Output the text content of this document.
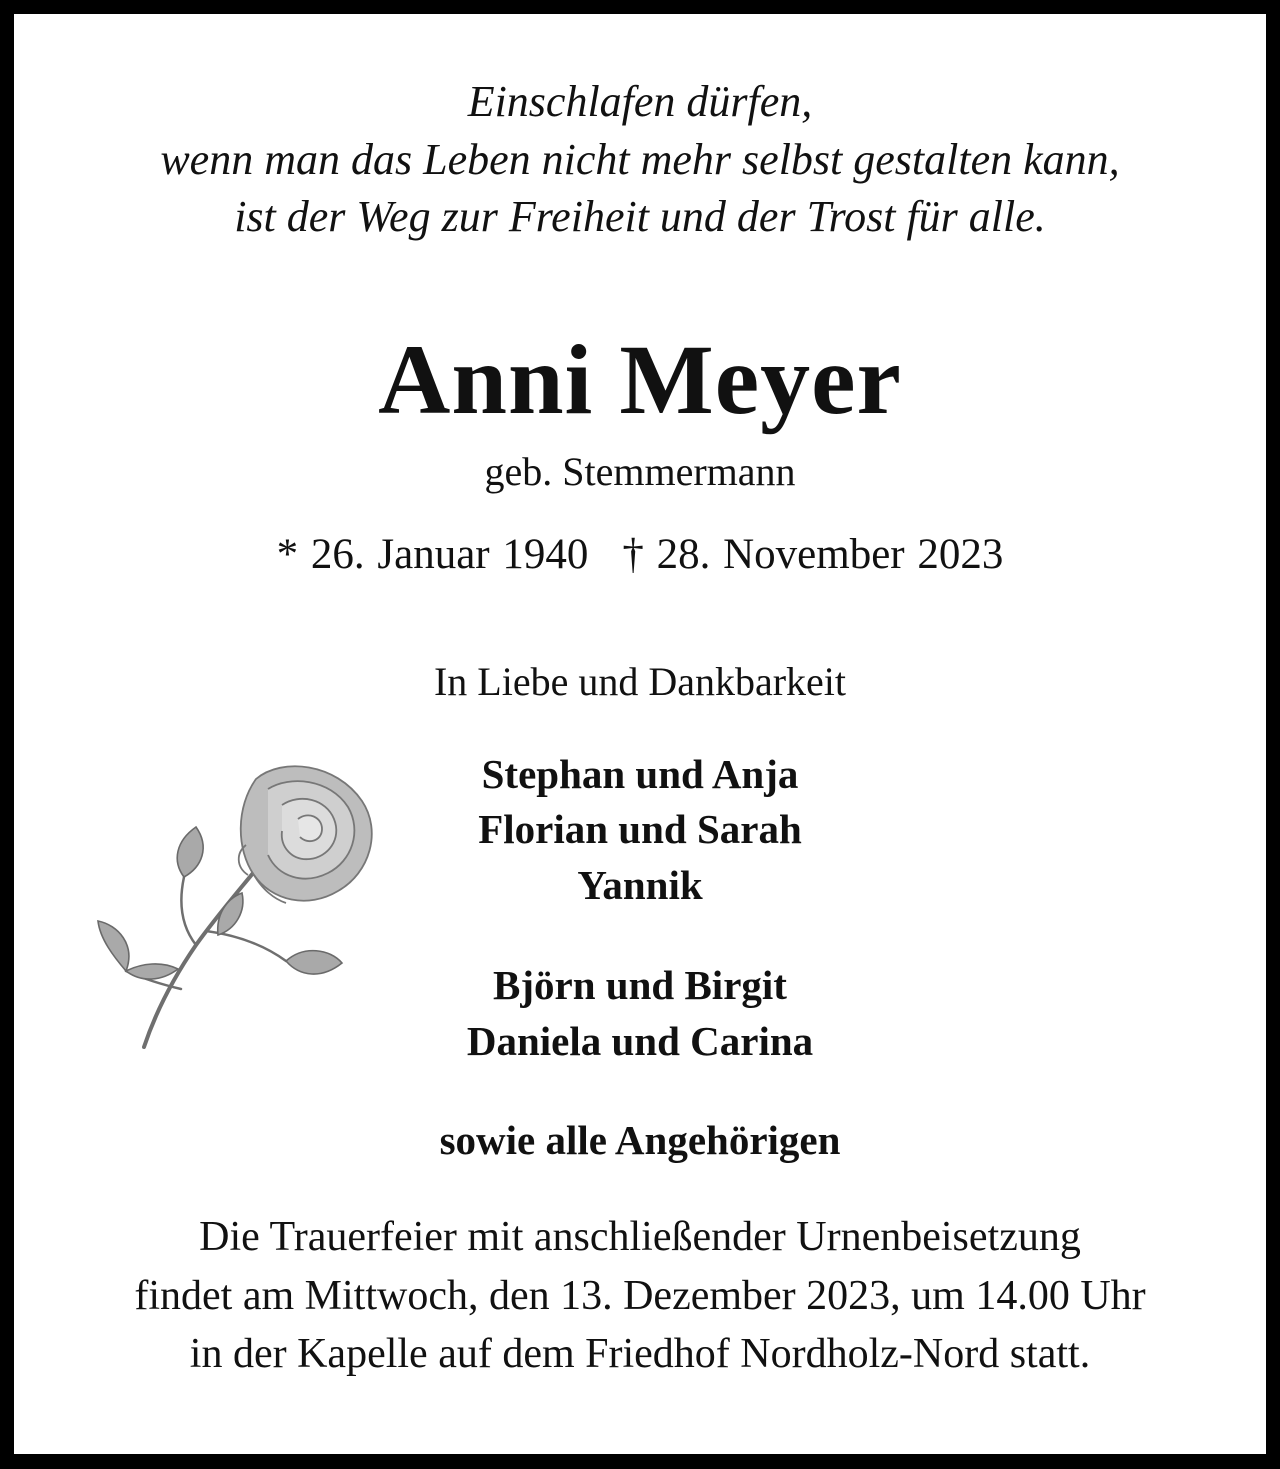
Einschlafen dürfen,
wenn man das Leben nicht mehr selbst gestalten kann,
ist der Weg zur Freiheit und der Trost für alle.
Anni Meyer
geb. Stemmermann
* 26. Januar 1940 † 28. November 2023
In Liebe und Dankbarkeit
Stephan und Anja
Florian und Sarah
Yannik
Björn und Birgit
Daniela und Carina
sowie alle Angehörigen
Die Trauerfeier mit anschließender Urnenbeisetzung
findet am Mittwoch, den 13. Dezember 2023, um 14.00 Uhr
in der Kapelle auf dem Friedhof Nordholz-Nord statt.
